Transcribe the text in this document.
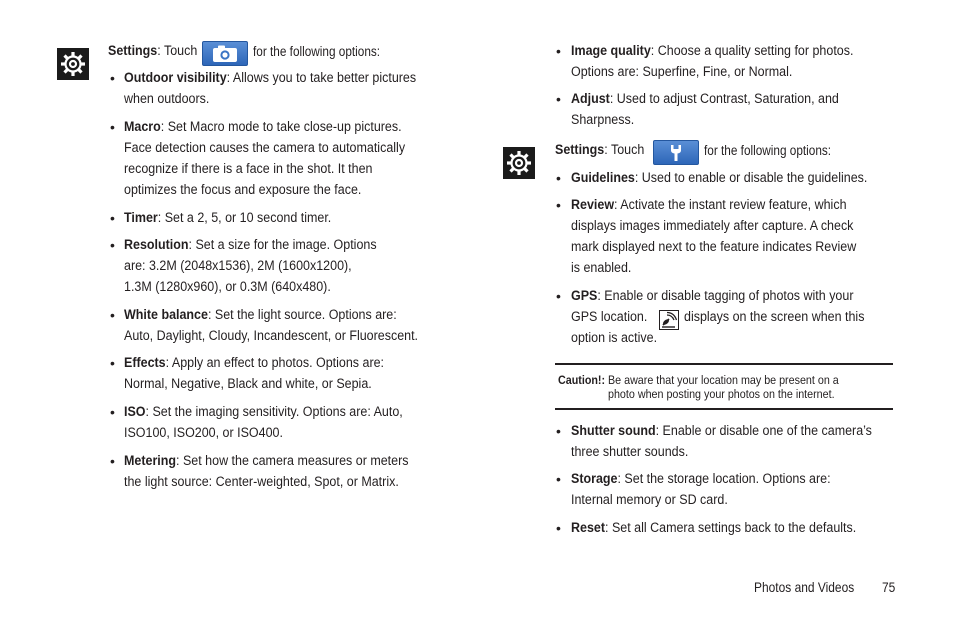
Settings: Touch	for the following options:
• Outdoor visibility: Allows you to take better pictures
when outdoors.
• Macro: Set Macro mode to take close-up pictures.
Face detection causes the camera to automatically
recognize if there is a face in the shot. It then
optimizes the focus and exposure the face.
• Timer: Set a 2, 5, or 10 second timer.
• Resolution: Set a size for the image. Options
are: 3.2M (2048x1536), 2M (1600x1200),
1.3M (1280x960), or 0.3M (640x480).
• White balance: Set the light source. Options are:
Auto, Daylight, Cloudy, Incandescent, or Fluorescent.
• Effects: Apply an effect to photos. Options are:
Normal, Negative, Black and white, or Sepia.
• ISO: Set the imaging sensitivity. Options are: Auto,
ISO100, ISO200, or ISO400.
• Metering: Set how the camera measures or meters
the light source: Center-weighted, Spot, or Matrix.
• Image quality: Choose a quality setting for photos.
Options are: Superfine, Fine, or Normal.
• Adjust: Used to adjust Contrast, Saturation, and
Sharpness.
Settings: Touch	for the following options:
• Guidelines: Used to enable or disable the guidelines.
• Review: Activate the instant review feature, which
displays images immediately after capture. A check
mark displayed next to the feature indicates Review
is enabled.
• GPS: Enable or disable tagging of photos with your
GPS location.	displays on the screen when this
option is active.
Caution!: Be aware that your location may be present on a
photo when posting your photos on the internet.
• Shutter sound: Enable or disable one of the camera’s
three shutter sounds.
• Storage: Set the storage location. Options are:
Internal memory or SD card.
• Reset: Set all Camera settings back to the defaults.
Photos and Videos 75
